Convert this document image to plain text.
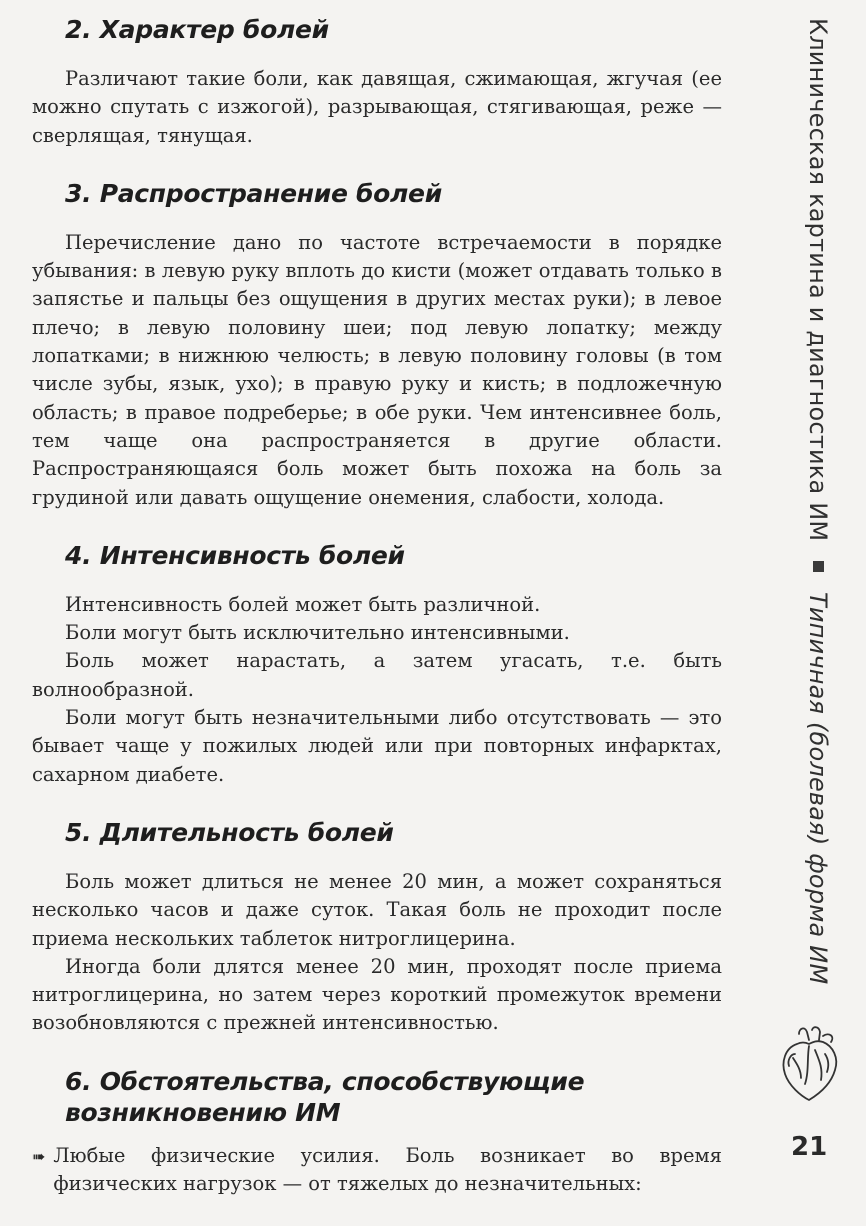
2. Характер болей

Различают такие боли, как давящая, сжимающая, жгучая (ее можно спутать с изжогой), разрывающая, стягивающая, реже — сверлящая, тянущая.

3. Распространение болей

Перечисление дано по частоте встречаемости в порядке убывания: в левую руку вплоть до кисти (может отдавать только в запястье и пальцы без ощущения в других местах руки); в левое плечо; в левую половину шеи; под левую лопатку; между лопатками; в нижнюю челюсть; в левую половину головы (в том числе зубы, язык, ухо); в правую руку и кисть; в подложечную область; в правое подреберье; в обе руки. Чем интенсивнее боль, тем чаще она распространяется в другие области. Распространяющаяся боль может быть похожа на боль за грудиной или давать ощущение онемения, слабости, холода.

4. Интенсивность болей

Интенсивность болей может быть различной.

Боли могут быть исключительно интенсивными.

Боль может нарастать, а затем угасать, т.е. быть волнообразной.

Боли могут быть незначительными либо отсутствовать — это бывает чаще у пожилых людей или при повторных инфарктах, сахарном диабете.

5. Длительность болей

Боль может длиться не менее 20 мин, а может сохраняться несколько часов и даже суток. Такая боль не проходит после приема нескольких таблеток нитроглицерина.

Иногда боли длятся менее 20 мин, проходят после приема нитроглицерина, но затем через короткий промежуток времени возобновляются с прежней интенсивностью.

6. Обстоятельства, способствующие
возникновению ИМ
➠ Любые физические усилия. Боль возникает во время физических нагрузок — от тяжелых до незначительных:

Клиническая картина и диагностика ИМ  Типичная (болевая) форма ИМ
21
